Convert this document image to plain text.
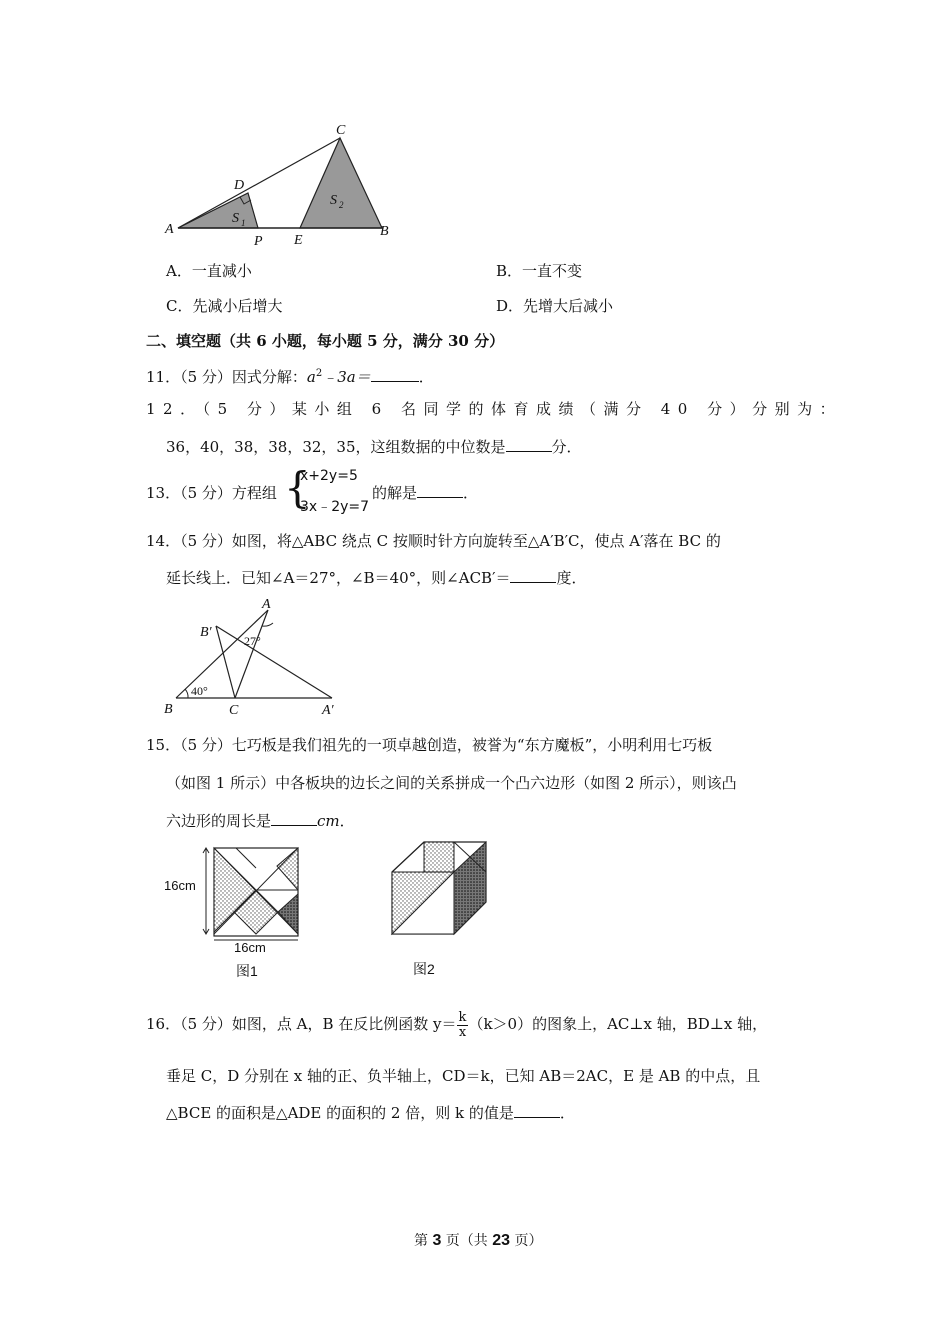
C
D
S 1
S 2
A
P E
B
A．一直减小	B．一直不变
C．先减小后增大	D．先增大后减小
二、填空题（共 6 小题，每小题 5 分，满分 30 分）
11．（5 分）因式分解：$a^2﹣3a=$	．
12．（5 分）某小组 6 名同学的体育成绩（满分 40 分）分别为：
36，40，38，38，32，35，这组数据的中位数是	分．
13．（5 分）方程组 {
x+2y=5
3x﹣2y=7
的解是	．
14．（5 分）如图，将△ABC 绕点 C 按顺时针方向旋转至△A′B′C，使点 A′落在 BC 的
延长线上．已知∠A＝27°，∠B＝40°，则∠ACB′＝	度．
A
B′
27°
40°
B	C	A′
15．（5 分）七巧板是我们祖先的一项卓越创造，被誉为“东方魔板”，小明利用七巧板
（如图 1 所示）中各板块的边长之间的关系拼成一个凸六边形（如图 2 所示），则该凸
六边形的周长是	cm．
16cm
16cm
图1	图2
16．（5 分）如图，点 A，B 在反比例函数 $y= \frac{k}{x} (k>0)$的图象上，AC⊥x 轴，BD⊥x 轴，
垂足 C，D 分别在 x 轴的正、负半轴上，CD＝k，已知 AB＝2AC，E 是 AB 的中点，且
△BCE 的面积是△ADE 的面积的 2 倍，则 k 的值是	．
第 3 页（共 23 页）
